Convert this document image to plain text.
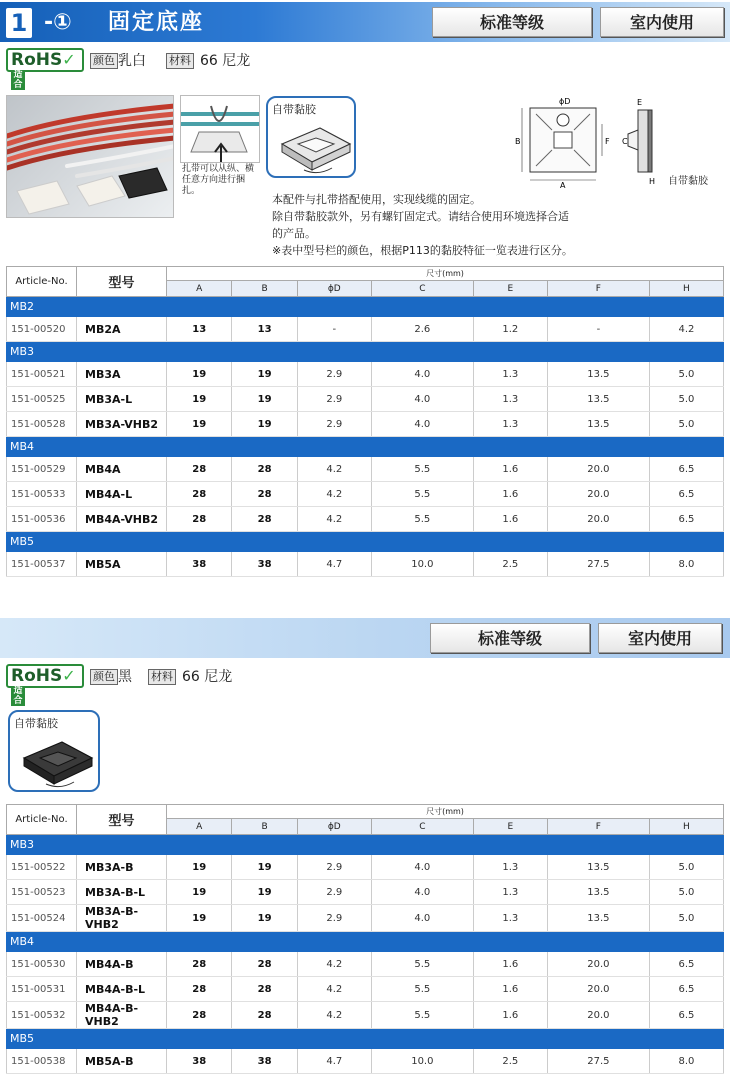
1 -① 固定底座	标准等级	室内使用
RoHS✓适合
颜色 乳白 材料 66 尼龙
扎带可以从纵、横任意方向进行捆扎。
自带黏胶
ϕD
B
A
F C
E
H 自带黏胶
本配件与扎带搭配使用，实现线缆的固定。
除自带黏胶款外，另有螺钉固定式。请结合使用环境选择合适
的产品。
※表中型号栏的颜色，根据P113的黏胶特征一览表进行区分。
Article-No.	型号	尺寸(mm)						
		A	B	ϕD	C	E	F	H
MB2								
151-00520	MB2A	13	13	-	2.6	1.2	-	4.2
MB3								
151-00521	MB3A	19	19	2.9	4.0	1.3	13.5	5.0
151-00525	MB3A-L	19	19	2.9	4.0	1.3	13.5	5.0
151-00528	MB3A-VHB2	19	19	2.9	4.0	1.3	13.5	5.0
MB4								
151-00529	MB4A	28	28	4.2	5.5	1.6	20.0	6.5
151-00533	MB4A-L	28	28	4.2	5.5	1.6	20.0	6.5
151-00536	MB4A-VHB2	28	28	4.2	5.5	1.6	20.0	6.5
MB5								
151-00537	MB5A	38	38	4.7	10.0	2.5	27.5	8.0
标准等级	室内使用
RoHS✓适合
颜色 黑 材料 66 尼龙
自带黏胶
Article-No.	型号	尺寸(mm)						
		A	B	ϕD	C	E	F	H
MB3								
151-00522	MB3A-B	19	19	2.9	4.0	1.3	13.5	5.0
151-00523	MB3A-B-L	19	19	2.9	4.0	1.3	13.5	5.0
151-00524	MB3A-B-VHB2	19	19	2.9	4.0	1.3	13.5	5.0
MB4								
151-00530	MB4A-B	28	28	4.2	5.5	1.6	20.0	6.5
151-00531	MB4A-B-L	28	28	4.2	5.5	1.6	20.0	6.5
151-00532	MB4A-B-VHB2	28	28	4.2	5.5	1.6	20.0	6.5
MB5								
151-00538	MB5A-B	38	38	4.7	10.0	2.5	27.5	8.0
